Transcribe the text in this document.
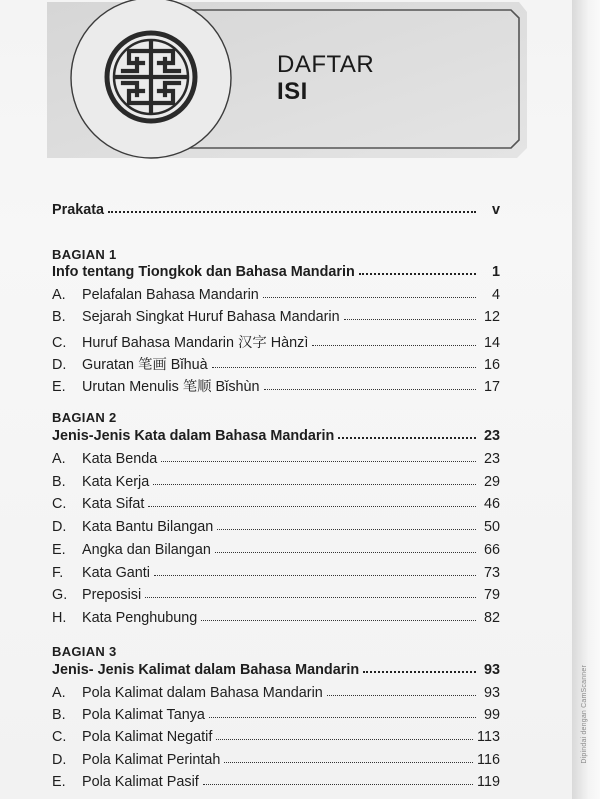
DAFTAR
ISI
Prakata	v
BAGIAN 1
Info tentang Tiongkok dan Bahasa Mandarin	1
A.	Pelafalan Bahasa Mandarin	4
B.	Sejarah Singkat Huruf Bahasa Mandarin	12
C.	Huruf Bahasa Mandarin 汉字 Hànzì	14
D.	Guratan 笔画 Bǐhuà	16
E.	Urutan Menulis 笔顺 Bǐshùn	17
BAGIAN 2
Jenis-Jenis Kata dalam Bahasa Mandarin	23
A.	Kata Benda	23
B.	Kata Kerja	29
C.	Kata Sifat	46
D.	Kata Bantu Bilangan	50
E.	Angka dan Bilangan	66
F.	Kata Ganti	73
G.	Preposisi	79
H.	Kata Penghubung	82
BAGIAN 3
Jenis- Jenis Kalimat dalam Bahasa Mandarin	93
A.	Pola Kalimat dalam Bahasa Mandarin	93
B.	Pola Kalimat Tanya	99
C.	Pola Kalimat Negatif	113
D.	Pola Kalimat Perintah	116
E.	Pola Kalimat Pasif	119
Dipindai dengan CamScanner
